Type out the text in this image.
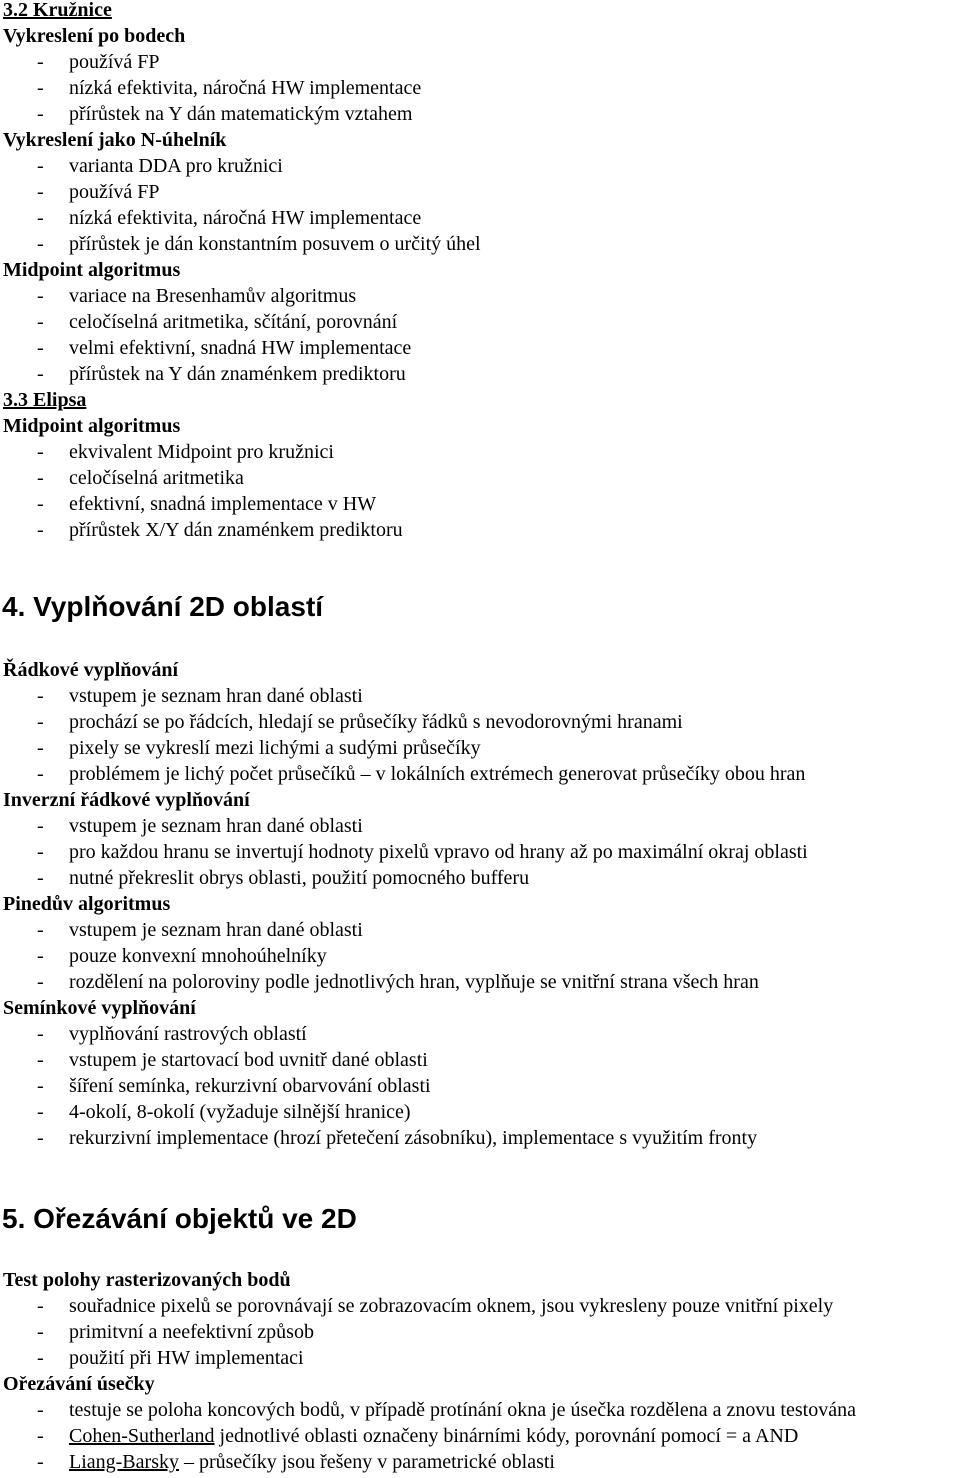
3.2 Kružnice
Vykreslení po bodech
- používá FP
- nízká efektivita, náročná HW implementace
- přírůstek na Y dán matematickým vztahem
Vykreslení jako N-úhelník
- varianta DDA pro kružnici
- používá FP
- nízká efektivita, náročná HW implementace
- přírůstek je dán konstantním posuvem o určitý úhel
Midpoint algoritmus
- variace na Bresenhamův algoritmus
- celočíselná aritmetika, sčítání, porovnání
- velmi efektivní, snadná HW implementace
- přírůstek na Y dán znaménkem prediktoru
3.3 Elipsa
Midpoint algoritmus
- ekvivalent Midpoint pro kružnici
- celočíselná aritmetika
- efektivní, snadná implementace v HW
- přírůstek X/Y dán znaménkem prediktoru
4. Vyplňování 2D oblastí
Řádkové vyplňování
- vstupem je seznam hran dané oblasti
- prochází se po řádcích, hledají se průsečíky řádků s nevodorovnými hranami
- pixely se vykreslí mezi lichými a sudými průsečíky
- problémem je lichý počet průsečíků – v lokálních extrémech generovat průsečíky obou hran
Inverzní řádkové vyplňování
- vstupem je seznam hran dané oblasti
- pro každou hranu se invertují hodnoty pixelů vpravo od hrany až po maximální okraj oblasti
- nutné překreslit obrys oblasti, použití pomocného bufferu
Pinedův algoritmus
- vstupem je seznam hran dané oblasti
- pouze konvexní mnohoúhelníky
- rozdělení na poloroviny podle jednotlivých hran, vyplňuje se vnitřní strana všech hran
Semínkové vyplňování
- vyplňování rastrových oblastí
- vstupem je startovací bod uvnitř dané oblasti
- šíření semínka, rekurzivní obarvování oblasti
- 4-okolí, 8-okolí (vyžaduje silnější hranice)
- rekurzivní implementace (hrozí přetečení zásobníku), implementace s využitím fronty
5. Ořezávání objektů ve 2D
Test polohy rasterizovaných bodů
- souřadnice pixelů se porovnávají se zobrazovacím oknem, jsou vykresleny pouze vnitřní pixely
- primitvní a neefektivní způsob
- použití při HW implementaci
Ořezávání úsečky
- testuje se poloha koncových bodů, v případě protínání okna je úsečka rozdělena a znovu testována
- Cohen-Sutherland jednotlivé oblasti označeny binárními kódy, porovnání pomocí = a AND
- Liang-Barsky – průsečíky jsou řešeny v parametrické oblasti
